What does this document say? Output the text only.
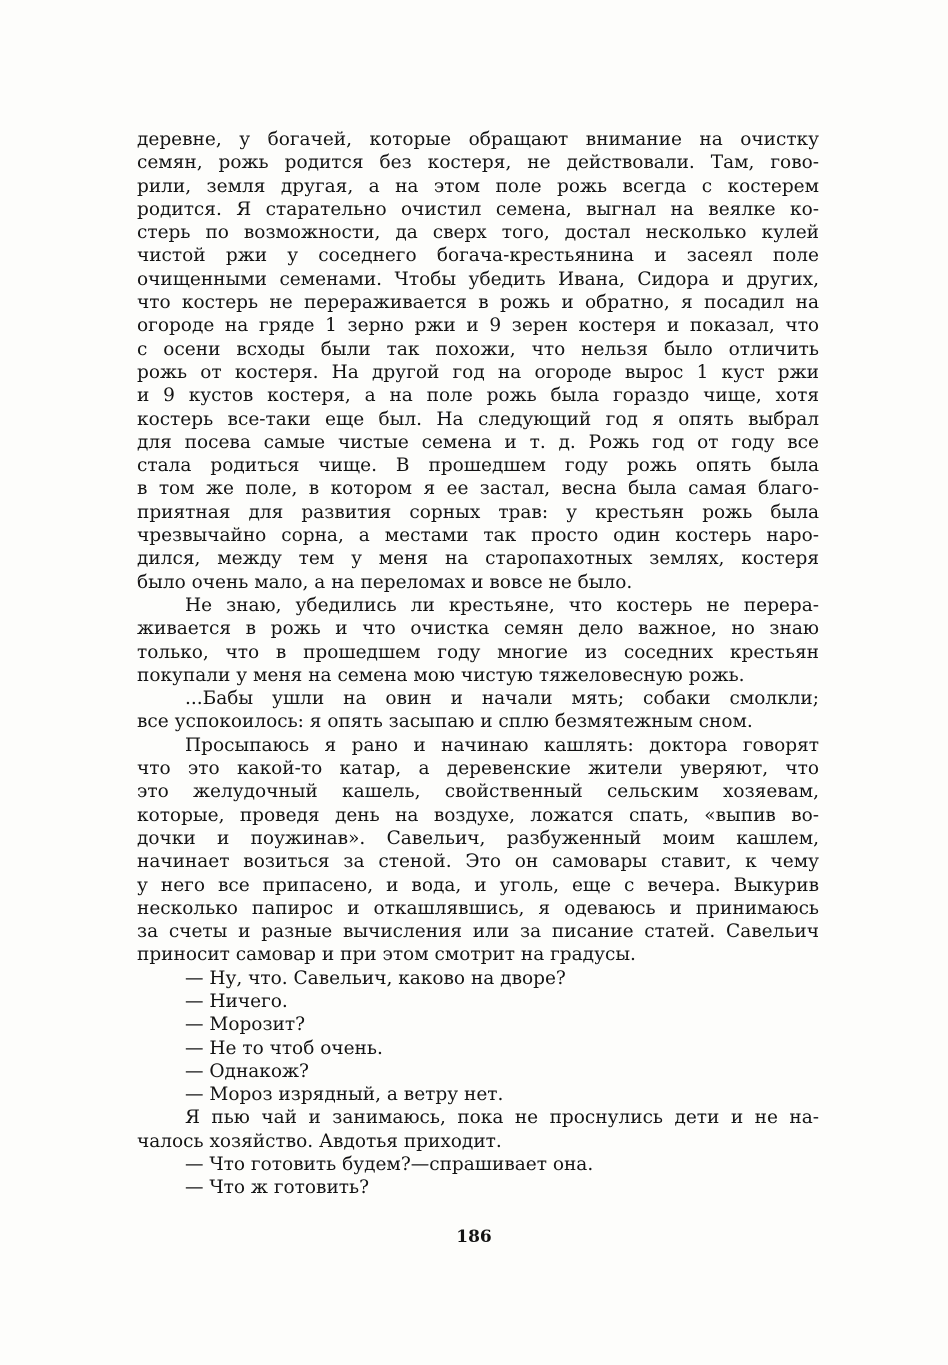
деревне, у богачей, которые обращают внимание на очистку
семян, рожь родится без костеря, не действовали. Там, гово-
рили, земля другая, а на этом поле рожь всегда с костерем
родится. Я старательно очистил семена, выгнал на веялке ко-
стерь по возможности, да сверх того, достал несколько кулей
чистой ржи у соседнего богача-крестьянина и засеял поле
очищенными семенами. Чтобы убедить Ивана, Сидора и других,
что костерь не перерaживается в рожь и обратно, я посадил на
огороде на гряде 1 зерно ржи и 9 зерен костеря и показал, что
с осени всходы были так похожи, что нельзя было отличить
рожь от костеря. На другой год на огороде вырос 1 куст ржи
и 9 кустов костеря, а на поле рожь была гораздо чище, хотя
костерь все-таки еще был. На следующий год я опять выбрал
для посева самые чистые семена и т. д. Рожь год от году все
стала родиться чище. В прошедшем году рожь опять была
в том же поле, в котором я ее застал, весна была самая благо-
приятная для развития сорных трав: у крестьян рожь была
чрезвычайно сорна, а местами так просто один костерь наро-
дился, между тем у меня на старопахотных землях, костеря
было очень мало, а на переломах и вовсе не было.
Не знаю, убедились ли крестьяне, что костерь не перера-
живается в рожь и что очистка семян дело важное, но знаю
только, что в прошедшем году многие из соседних крестьян
покупали у меня на семена мою чистую тяжеловесную рожь.
...Бабы ушли на овин и начали мять; собаки смолкли;
все успокоилось: я опять засыпаю и сплю безмятежным сном.
Просыпаюсь я рано и начинаю кашлять: доктора говорят
что это какой-то катар, а деревенские жители уверяют, что
это желудочный кашель, свойственный сельским хозяевам,
которые, проведя день на воздухе, ложатся спать, «выпив во-
дочки и поужинав». Савельич, разбуженный моим кашлем,
начинает возиться за стеной. Это он самовары ставит, к чему
у него все припасено, и вода, и уголь, еще с вечера. Выкурив
несколько папирос и откашлявшись, я одеваюсь и принимаюсь
за счеты и разные вычисления или за писание статей. Савельич
приносит самовар и при этом смотрит на градусы.
— Ну, что. Савельич, каково на дворе?
— Ничего.
— Морозит?
— Не то чтоб очень.
— Однакож?
— Мороз изрядный, а ветру нет.
Я пью чай и занимаюсь, пока не проснулись дети и не на-
чалось хозяйство. Авдотья приходит.
— Что готовить будем?—спрашивает она.
— Что ж готовить?
186
